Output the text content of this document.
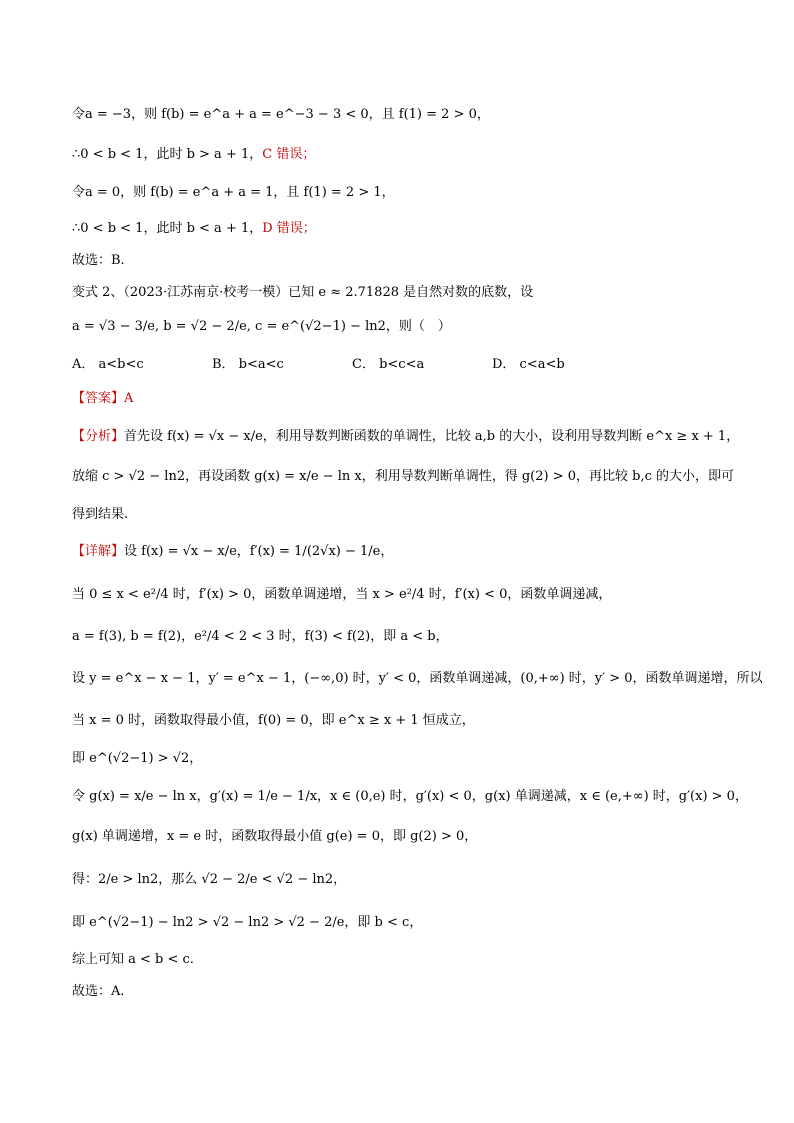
令a = −3，则 f(b) = e^a + a = e^−3 − 3 < 0，且 f(1) = 2 > 0，
∴0 < b < 1，此时 b > a + 1，C 错误；
令a = 0，则 f(b) = e^a + a = 1，且 f(1) = 2 > 1，
∴0 < b < 1，此时 b < a + 1，D 错误；
故选：B.
变式 2、（2023·江苏南京·校考一模）已知 e ≈ 2.71828 是自然对数的底数，设
a = √3 − 3/e, b = √2 − 2/e, c = e^(√2−1) − ln2，则（　）
A． a<b<c	B． b<a<c	C． b<c<a	D． c<a<b
【答案】A
【分析】首先设 f(x) = √x − x/e，利用导数判断函数的单调性，比较 a,b 的大小，设利用导数判断 e^x ≥ x + 1，
放缩 c > √2 − ln2，再设函数 g(x) = x/e − ln x，利用导数判断单调性，得 g(2) > 0，再比较 b,c 的大小，即可
得到结果.
【详解】设 f(x) = √x − x/e，f′(x) = 1/(2√x) − 1/e，
当 0 ≤ x < e²/4 时，f′(x) > 0，函数单调递增，当 x > e²/4 时，f′(x) < 0，函数单调递减，
a = f(3), b = f(2)，e²/4 < 2 < 3 时，f(3) < f(2)，即 a < b，
设 y = e^x − x − 1，y′ = e^x − 1，(−∞,0) 时，y′ < 0，函数单调递减，(0,+∞) 时，y′ > 0，函数单调递增，所以
当 x = 0 时，函数取得最小值，f(0) = 0，即 e^x ≥ x + 1 恒成立，
即 e^(√2−1) > √2，
令 g(x) = x/e − ln x，g′(x) = 1/e − 1/x，x ∈ (0,e) 时，g′(x) < 0，g(x) 单调递减，x ∈ (e,+∞) 时，g′(x) > 0，
g(x) 单调递增，x = e 时，函数取得最小值 g(e) = 0，即 g(2) > 0，
得：2/e > ln2，那么 √2 − 2/e < √2 − ln2，
即 e^(√2−1) − ln2 > √2 − ln2 > √2 − 2/e，即 b < c，
综上可知 a < b < c.
故选：A.
